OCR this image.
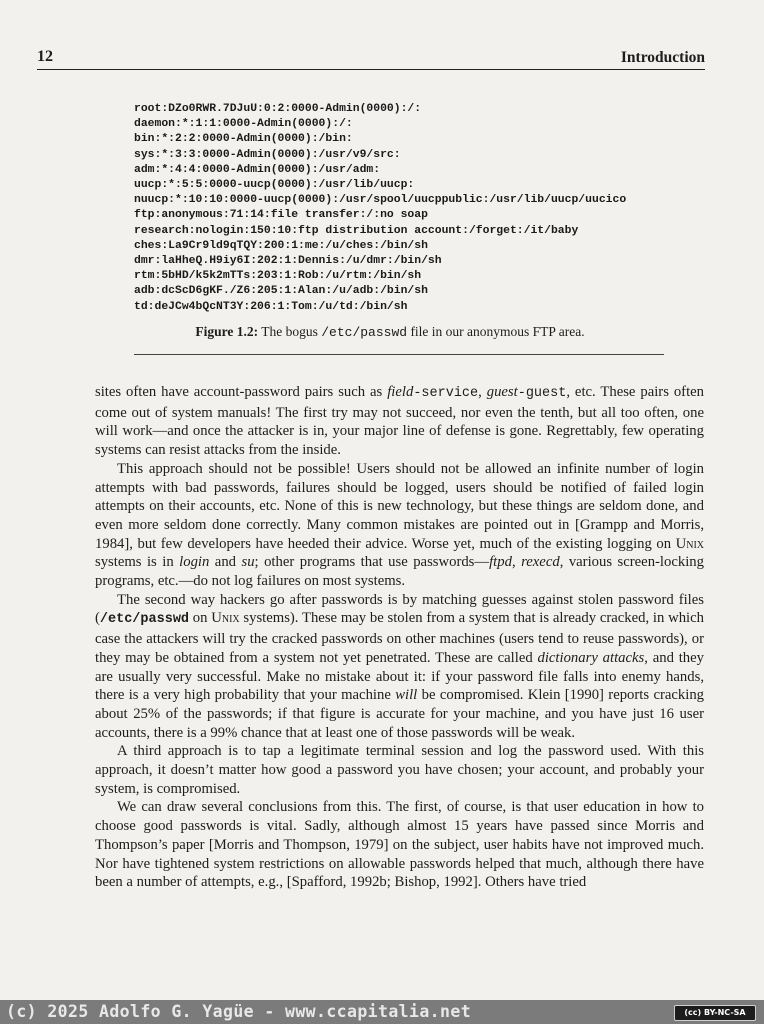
12	Introduction
root:DZo0RWR.7DJuU:0:2:0000-Admin(0000):/:
daemon:*:1:1:0000-Admin(0000):/:
bin:*:2:2:0000-Admin(0000):/bin:
sys:*:3:3:0000-Admin(0000):/usr/v9/src:
adm:*:4:4:0000-Admin(0000):/usr/adm:
uucp:*:5:5:0000-uucp(0000):/usr/lib/uucp:
nuucp:*:10:10:0000-uucp(0000):/usr/spool/uucppublic:/usr/lib/uucp/uucico
ftp:anonymous:71:14:file transfer:/:no soap
research:nologin:150:10:ftp distribution account:/forget:/it/baby
ches:La9Cr9ld9qTQY:200:1:me:/u/ches:/bin/sh
dmr:laHheQ.H9iy6I:202:1:Dennis:/u/dmr:/bin/sh
rtm:5bHD/k5k2mTTs:203:1:Rob:/u/rtm:/bin/sh
adb:dcScD6gKF./Z6:205:1:Alan:/u/adb:/bin/sh
td:deJCw4bQcNT3Y:206:1:Tom:/u/td:/bin/sh
Figure 1.2: The bogus /etc/passwd file in our anonymous FTP area.

sites often have account-password pairs such as field-service, guest-guest, etc. These pairs often come out of system manuals! The first try may not succeed, nor even the tenth, but all too often, one will work—and once the attacker is in, your major line of defense is gone. Regrettably, few operating systems can resist attacks from the inside.

This approach should not be possible! Users should not be allowed an infinite number of login attempts with bad passwords, failures should be logged, users should be notified of failed login attempts on their accounts, etc. None of this is new technology, but these things are seldom done, and even more seldom done correctly. Many common mistakes are pointed out in [Grampp and Morris, 1984], but few developers have heeded their advice. Worse yet, much of the existing logging on Unix systems is in login and su; other programs that use passwords—ftpd, rexecd, various screen-locking programs, etc.—do not log failures on most systems.

The second way hackers go after passwords is by matching guesses against stolen password files (/etc/passwd on Unix systems). These may be stolen from a system that is already cracked, in which case the attackers will try the cracked passwords on other machines (users tend to reuse passwords), or they may be obtained from a system not yet penetrated. These are called dictionary attacks, and they are usually very successful. Make no mistake about it: if your password file falls into enemy hands, there is a very high probability that your machine will be compromised. Klein [1990] reports cracking about 25% of the passwords; if that figure is accurate for your machine, and you have just 16 user accounts, there is a 99% chance that at least one of those passwords will be weak.

A third approach is to tap a legitimate terminal session and log the password used. With this approach, it doesn’t matter how good a password you have chosen; your account, and probably your system, is compromised.

We can draw several conclusions from this. The first, of course, is that user education in how to choose good passwords is vital. Sadly, although almost 15 years have passed since Morris and Thompson’s paper [Morris and Thompson, 1979] on the subject, user habits have not improved much. Nor have tightened system restrictions on allowable passwords helped that much, although there have been a number of attempts, e.g., [Spafford, 1992b; Bishop, 1992]. Others have tried

(c) 2025 Adolfo G. Yagüe - www.ccapitalia.net	(cc) BY-NC-SA
